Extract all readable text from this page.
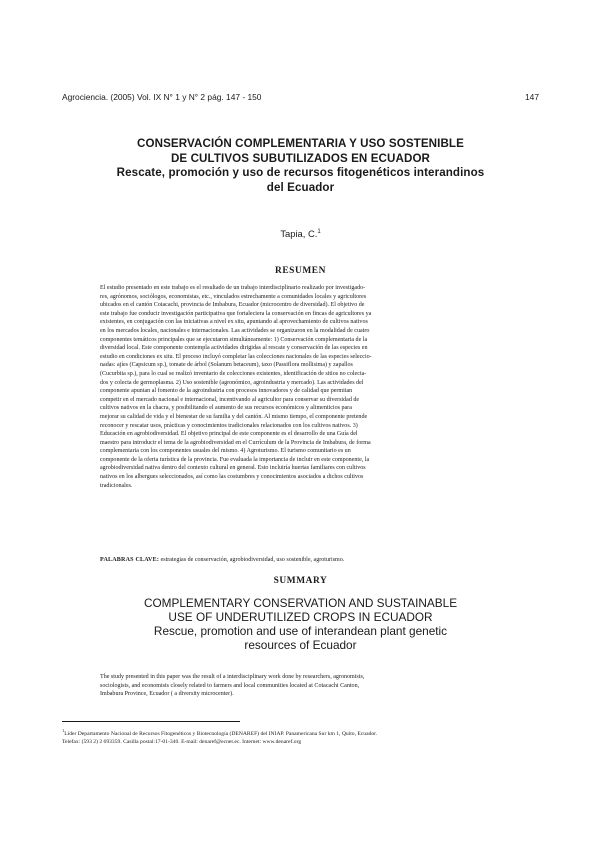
Agrociencia. (2005) Vol. IX N° 1 y N° 2 pág. 147 - 150	147
CONSERVACIÓN COMPLEMENTARIA Y USO SOSTENIBLE
DE CULTIVOS SUBUTILIZADOS EN ECUADOR
Rescate, promoción y uso de recursos fitogenéticos interandinos
del Ecuador
Tapia, C.$^1$
RESUMEN
El estudio presentado en este trabajo es el resultado de un trabajo interdisciplinario realizado por investigado-
res, agrónomos, sociólogos, economistas, etc., vinculados estrechamente a comunidades locales y agricultores
ubicados en el cantón Cotacachi, provincia de Imbabura, Ecuador (microcentro de diversidad). El objetivo de
este trabajo fue conducir investigación participativa que fortaleciera la conservación en fincas de agricultores ya
existentes, en conjugación con las iniciativas a nivel ex situ, apuntando al aprovechamiento de cultivos nativos
en los mercados locales, nacionales e internacionales. Las actividades se organizaron en la modalidad de cuatro
componentes temáticos principales que se ejecutaron simultáneamente: 1) Conservación complementaria de la
diversidad local. Este componente contempla actividades dirigidas al rescate y conservación de las especies en
estudio en condiciones ex situ. El proceso incluyó completar las colecciones nacionales de las especies seleccio-
nadas: ajíes (Capsicum sp.), tomate de árbol (Solanum betaceum), taxo (Passiflora mollisima) y zapallos
(Cucurbita sp.), para lo cual se realizó inventario de colecciones existentes, identificación de sitios no colecta-
dos y colecta de germoplasma. 2) Uso sostenible (agronómico, agroindustria y mercado). Las actividades del
componente apuntan al fomento de la agroindustria con procesos innovadores y de calidad que permitan
competir en el mercado nacional e internacional, incentivando al agricultor para conservar su diversidad de
cultivos nativos en la chacra, y posibilitando el aumento de sus recursos económicos y alimenticios para
mejorar su calidad de vida y el bienestar de su familia y del cantón. Al mismo tiempo, el componente pretende
reconocer y rescatar usos, prácticas y conocimientos tradicionales relacionados con los cultivos nativos. 3)
Educación en agrobiodiversidad. El objetivo principal de este componente es el desarrollo de una Guía del
maestro para introducir el tema de la agrobiodiversidad en el Currículum de la Provincia de Imbabura, de forma
complementaria con los componentes usuales del mismo. 4) Agroturismo. El turismo comunitario es un
componente de la oferta turística de la provincia. Fue evaluada la importancia de incluir en este componente, la
agrobiodiversidad nativa dentro del contexto cultural en general. Esto incluiría huertas familiares con cultivos
nativos en los albergues seleccionados, así como las costumbres y conocimientos asociados a dichos cultivos
tradicionales.
PALABRAS CLAVE: estrategias de conservación, agrobiodiversidad, uso sostenible, agroturismo.
SUMMARY
COMPLEMENTARY CONSERVATION AND SUSTAINABLE
USE OF UNDERUTILIZED CROPS IN ECUADOR
Rescue, promotion and use of interandean plant genetic
resources of Ecuador
The study presented in this paper was the result of a interdisciplinary work done by researchers, agronomists,
sociologists, and economists closely related to farmers and local communities located at Cotacachi Canton,
Imbabura Province, Ecuador ( a diversity microcenter).
$^1$Líder Departamento Nacional de Recursos Fitogenéticos y Biotecnología (DENAREF) del INIAP. Panamericana Sur km 1, Quito, Ecuador.
Telefax: (593 2) 2 693359. Casilla postal:17-01-340. E-mail: denaref@ecnet.ec. Internet: www.denaref.org
